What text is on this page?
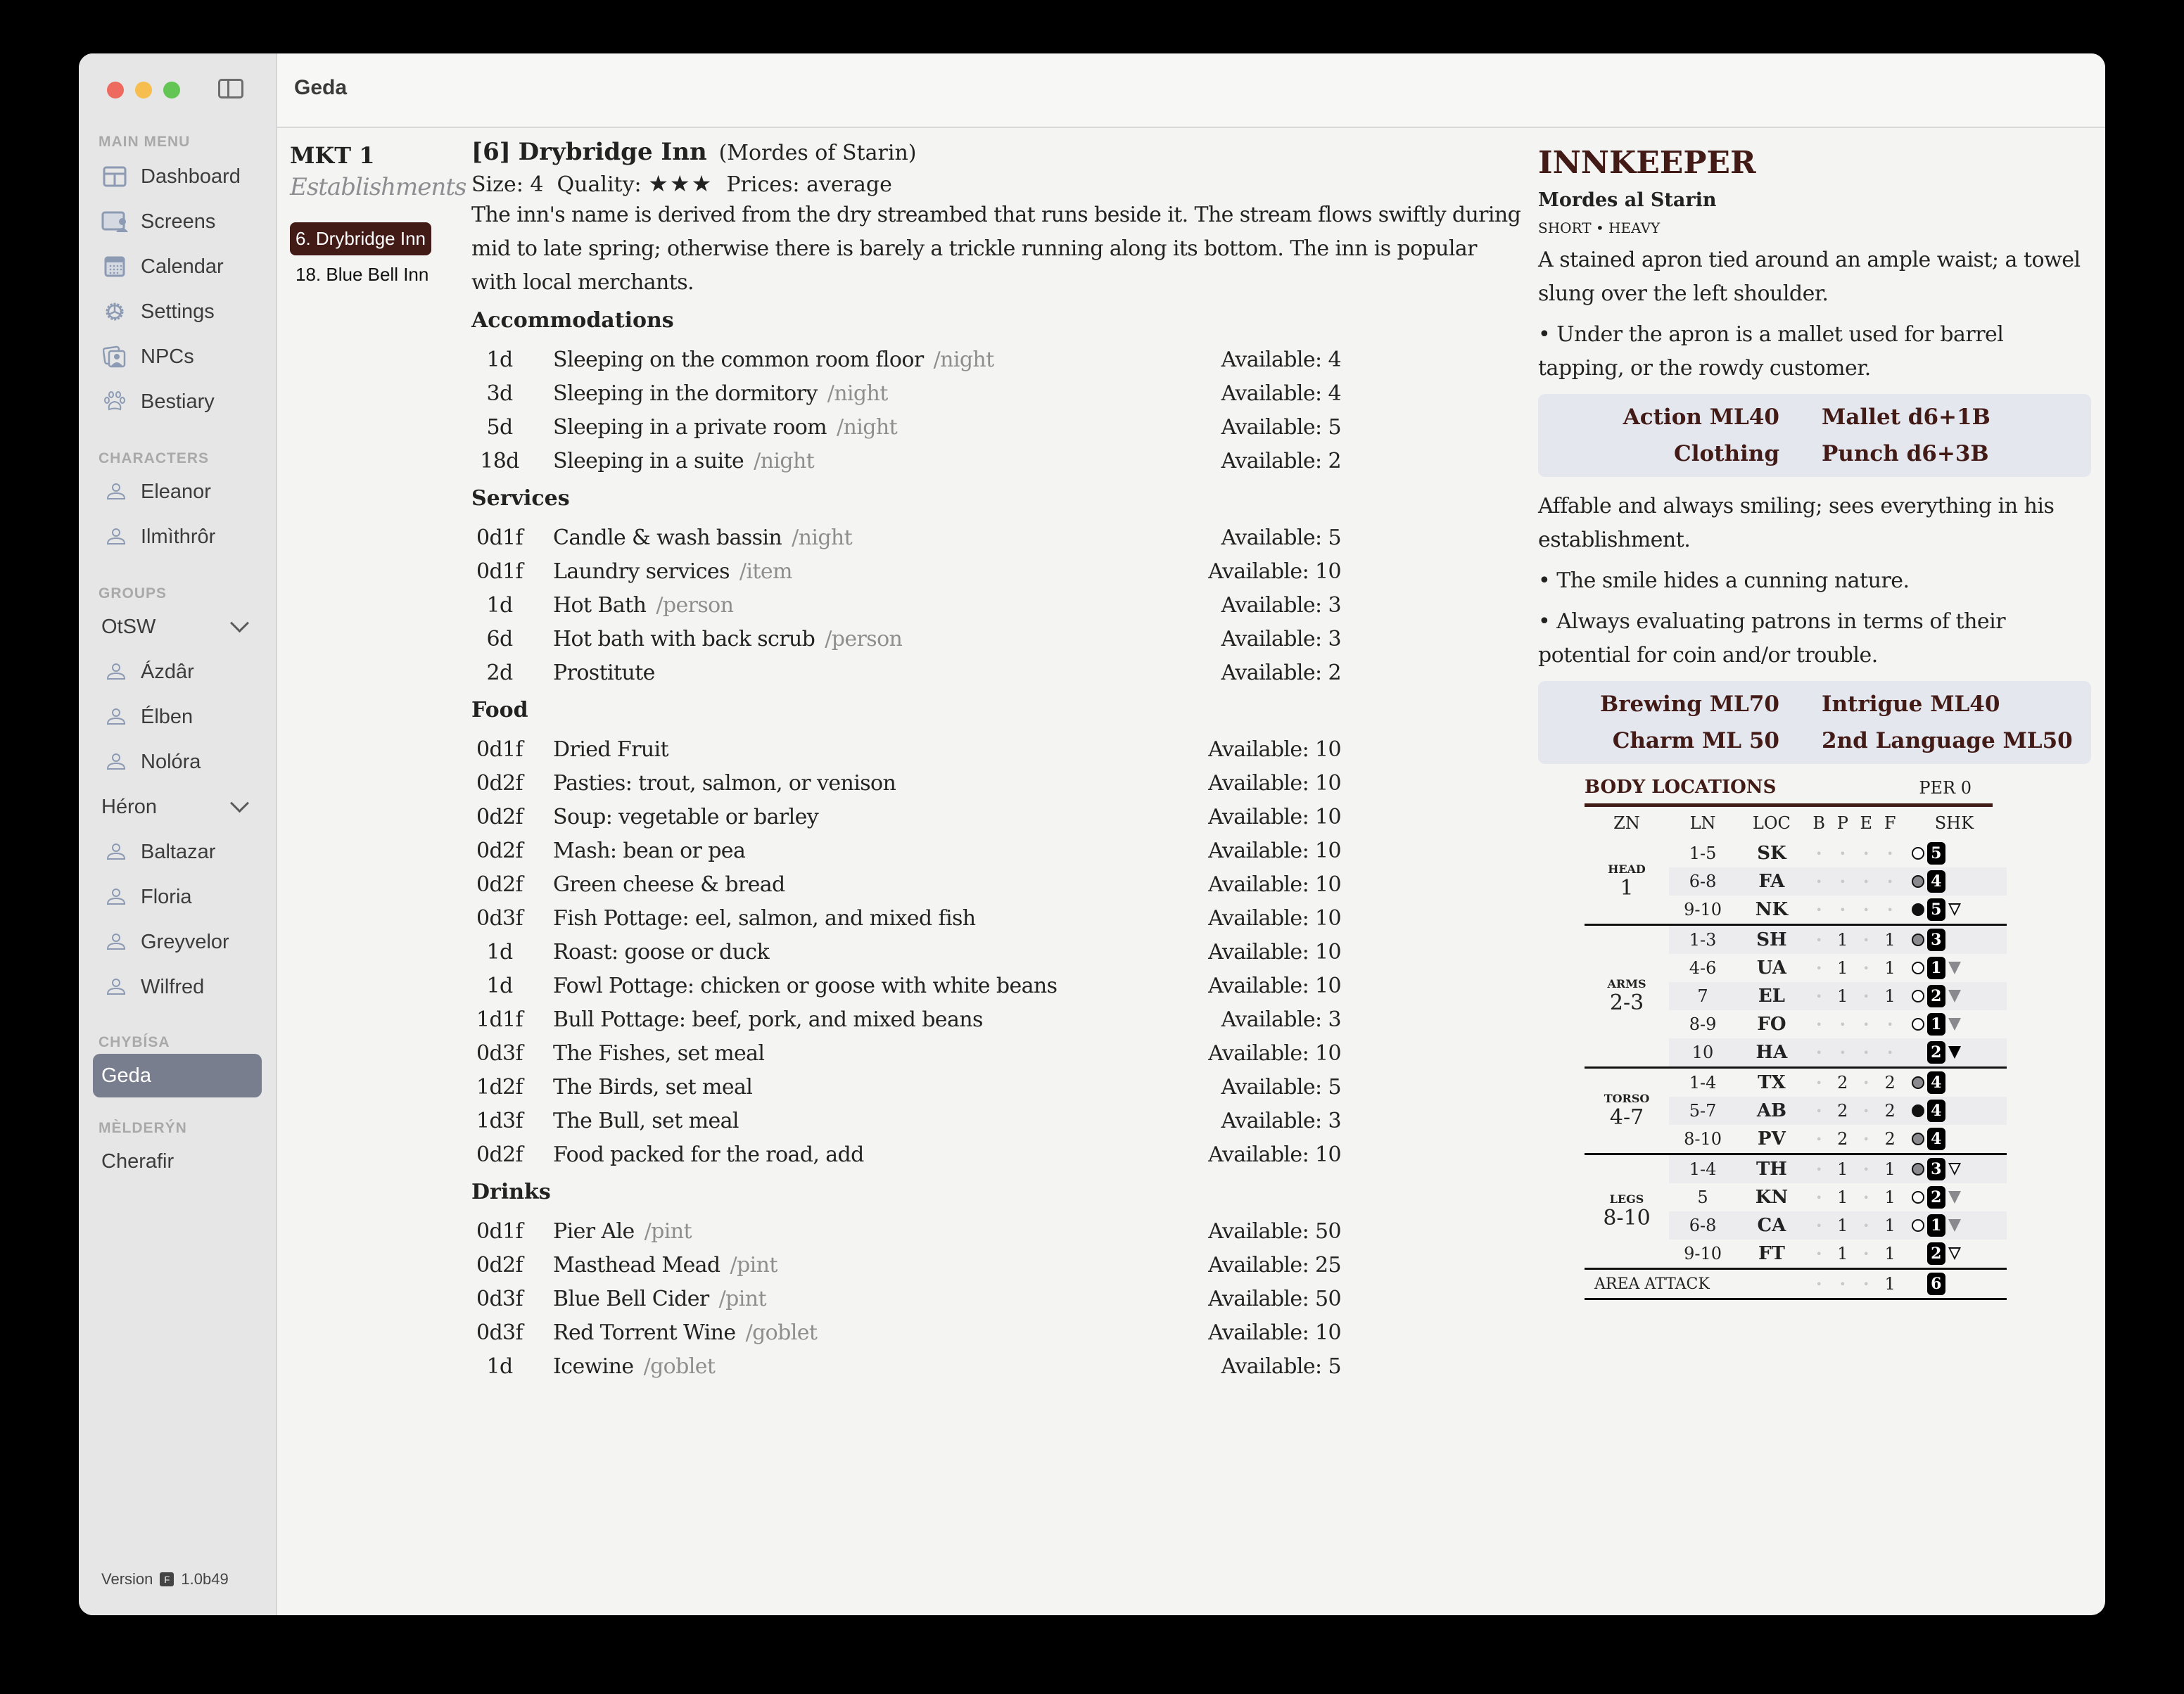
MAIN MENU
Dashboard
Screens
Calendar
Settings
NPCs
Bestiary
CHARACTERS
Eleanor
Ilmìthrôr
GROUPS
OtSW
Ázdâr
Élben
Nolóra
Héron
Baltazar
Floria
Greyvelor
Wilfred
CHYBÍSA
Geda
MÈLDERÝN
Cherafir
Version	F 1.0b49
Geda
MKT 1
Establishments
6. Drybridge Inn
18. Blue Bell Inn
[6] Drybridge Inn (Mordes of Starin)
Size: 4 Quality: ★★★ Prices: average
The inn's name is derived from the dry streambed that runs beside it. The stream flows swiftly during mid to late spring; otherwise there is barely a trickle running along its bottom. The inn is popular with local merchants.
Accommodations
1d	Sleeping on the common room floor /night	Available: 4
3d	Sleeping in the dormitory /night	Available: 4
5d	Sleeping in a private room /night	Available: 5
18d	Sleeping in a suite /night	Available: 2
Services
0d1f Candle & wash bassin /night	Available: 5
0d1f Laundry services /item	Available: 10
1d	Hot Bath /person	Available: 3
6d	Hot bath with back scrub /person	Available: 3
2d	Prostitute	Available: 2
Food
0d1f Dried Fruit	Available: 10
0d2f Pasties: trout, salmon, or venison	Available: 10
0d2f Soup: vegetable or barley	Available: 10
0d2f Mash: bean or pea	Available: 10
0d2f Green cheese & bread	Available: 10
0d3f Fish Pottage: eel, salmon, and mixed fish	Available: 10
1d	Roast: goose or duck	Available: 10
1d	Fowl Pottage: chicken or goose with white beans	Available: 10
1d1f Bull Pottage: beef, pork, and mixed beans	Available: 3
0d3f The Fishes, set meal	Available: 10
1d2f The Birds, set meal	Available: 5
1d3f The Bull, set meal	Available: 3
0d2f Food packed for the road, add	Available: 10
Drinks
0d1f Pier Ale /pint	Available: 50
0d2f Masthead Mead /pint	Available: 25
0d3f Blue Bell Cider /pint	Available: 50
0d3f Red Torrent Wine /goblet	Available: 10
1d	Icewine /goblet	Available: 5
INNKEEPER
Mordes al Starin
SHORT • HEAVY

A stained apron tied around an ample waist; a towel slung over the left shoulder.

• Under the apron is a mallet used for barrel tapping, or the rowdy customer.

Action ML40	Mallet d6+1B
Clothing	Punch d6+3B

Affable and always smiling; sees everything in his establishment.

• The smile hides a cunning nature.

• Always evaluating patrons in terms of their potential for coin and/or trouble.

Brewing ML70	Intrigue ML40
Charm ML 50	2nd Language ML50
BODY LOCATIONS	PER 0
ZN	LN	LOC	B	P	E	F	SHK

HEAD
1	1-5	SK	•	•	•	•	5

	6-8	FA	•	•	•	•	4

	9-10	NK	•	•	•	•	5

ARMS
2-3	1-3	SH	•	1	•	1	3

	4-6	UA	•	1	•	1	1

	7	EL	•	1	•	1	2

	8-9	FO	•	•	•	•	1

	10	HA	•	•	•	•	2

TORSO
4-7	1-4	TX	•	2	•	2	4

	5-7	AB	•	2	•	2	4

	8-10	PV	•	2	•	2	4

LEGS
8-10	1-4	TH	•	1	•	1	3

	5	KN	•	1	•	1	2

	6-8	CA	•	1	•	1	1

	9-10	FT	•	1	•	1	2

AREA ATTACK			•	•	•	1	6
